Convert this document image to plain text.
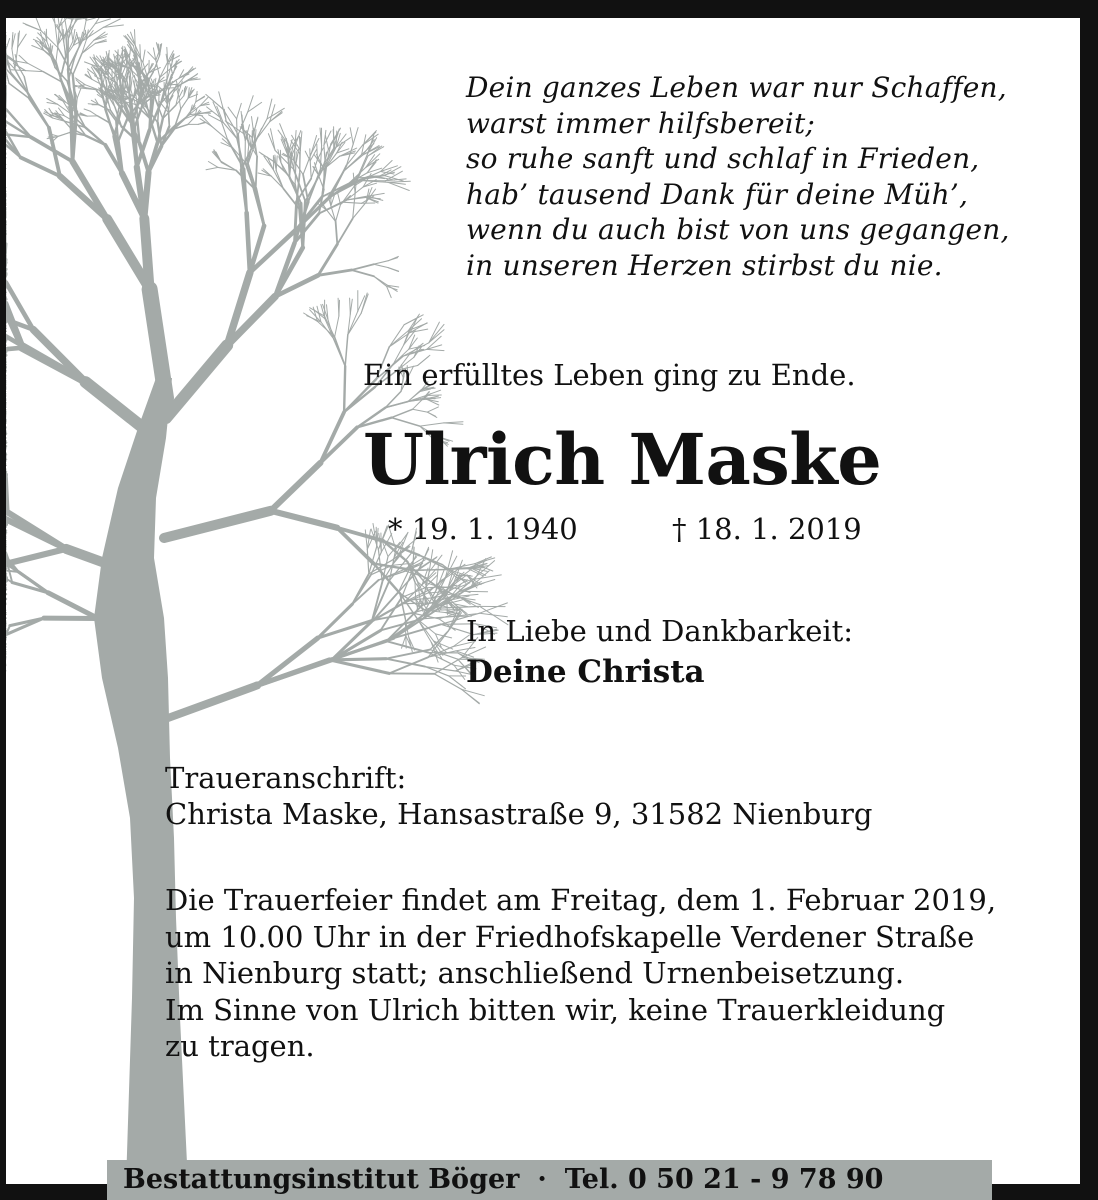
Dein ganzes Leben war nur Schaffen,
warst immer hilfsbereit;
so ruhe sanft und schlaf in Frieden,
hab’ tausend Dank für deine Müh’,
wenn du auch bist von uns gegangen,
in unseren Herzen stirbst du nie.
Ein erfülltes Leben ging zu Ende.
Ulrich Maske
* 19. 1. 1940	† 18. 1. 2019
In Liebe und Dankbarkeit:
Deine Christa
Traueranschrift:
Christa Maske, Hansastraße 9, 31582 Nienburg
Die Trauerfeier findet am Freitag, dem 1. Februar 2019,
um 10.00 Uhr in der Friedhofskapelle Verdener Straße
in Nienburg statt; anschließend Urnenbeisetzung.
Im Sinne von Ulrich bitten wir, keine Trauerkleidung
zu tragen.
Bestattungsinstitut Böger · Tel. 0 50 21 - 9 78 90
